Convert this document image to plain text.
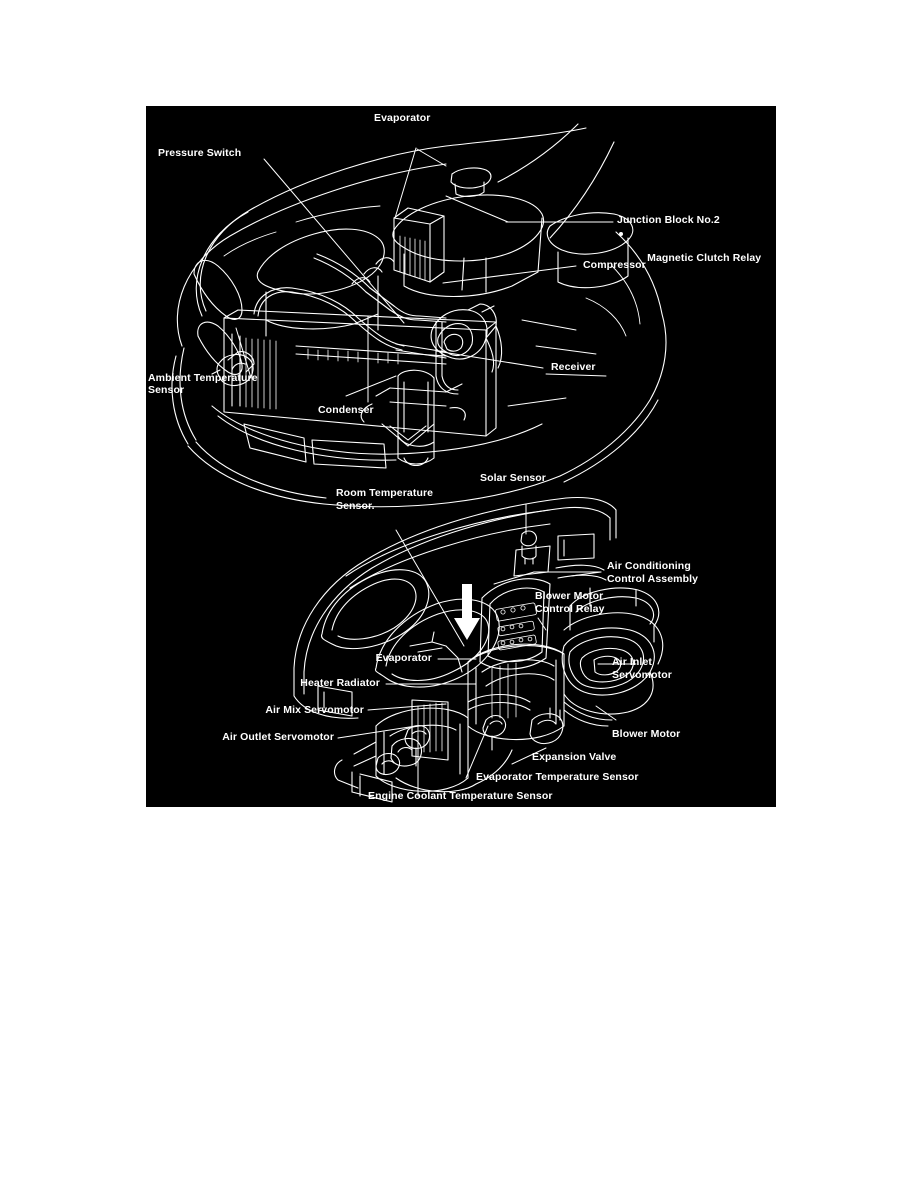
Evaporator
Pressure Switch
Junction Block No.2

Magnetic Clutch Relay

Compressor
Receiver
Ambient Temperature
Sensor
Condenser
Solar Sensor
Room Temperature
Sensor.
Air Conditioning
Control Assembly
Blower Motor
Control Relay
Air Inlet
Servomotor
Blower Motor
Evaporator
Heater Radiator
Air Mix Servomotor
Air Outlet Servomotor
Expansion Valve
Evaporator Temperature Sensor
Engine Coolant Temperature Sensor
